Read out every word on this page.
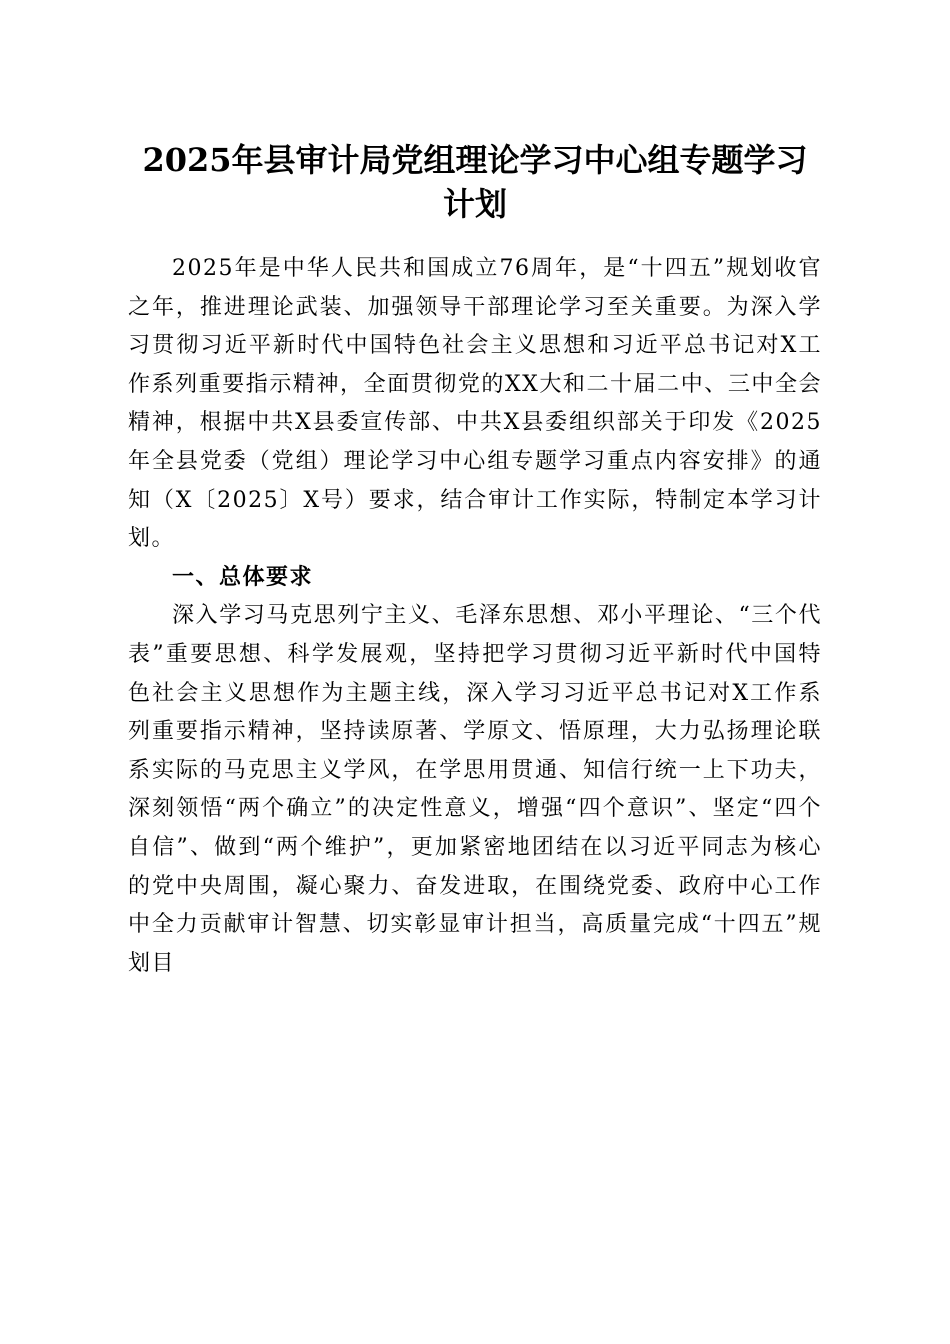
2025年县审计局党组理论学习中心组专题学习计划

2025年是中华人民共和国成立76周年，是“十四五”规划收官之年，推进理论武装、加强领导干部理论学习至关重要。为深入学习贯彻习近平新时代中国特色社会主义思想和习近平总书记对X工作系列重要指示精神，全面贯彻党的XX大和二十届二中、三中全会精神，根据中共X县委宣传部、中共X县委组织部关于印发《2025年全县党委（党组）理论学习中心组专题学习重点内容安排》的通知（X〔2025〕X号）要求，结合审计工作实际，特制定本学习计划。

一、总体要求

深入学习马克思列宁主义、毛泽东思想、邓小平理论、“三个代表”重要思想、科学发展观，坚持把学习贯彻习近平新时代中国特色社会主义思想作为主题主线，深入学习习近平总书记对X工作系列重要指示精神，坚持读原著、学原文、悟原理，大力弘扬理论联系实际的马克思主义学风，在学思用贯通、知信行统一上下功夫，深刻领悟“两个确立”的决定性意义，增强“四个意识”、坚定“四个自信”、做到“两个维护”，更加紧密地团结在以习近平同志为核心的党中央周围，凝心聚力、奋发进取，在围绕党委、政府中心工作中全力贡献审计智慧、切实彰显审计担当，高质量完成“十四五”规划目
